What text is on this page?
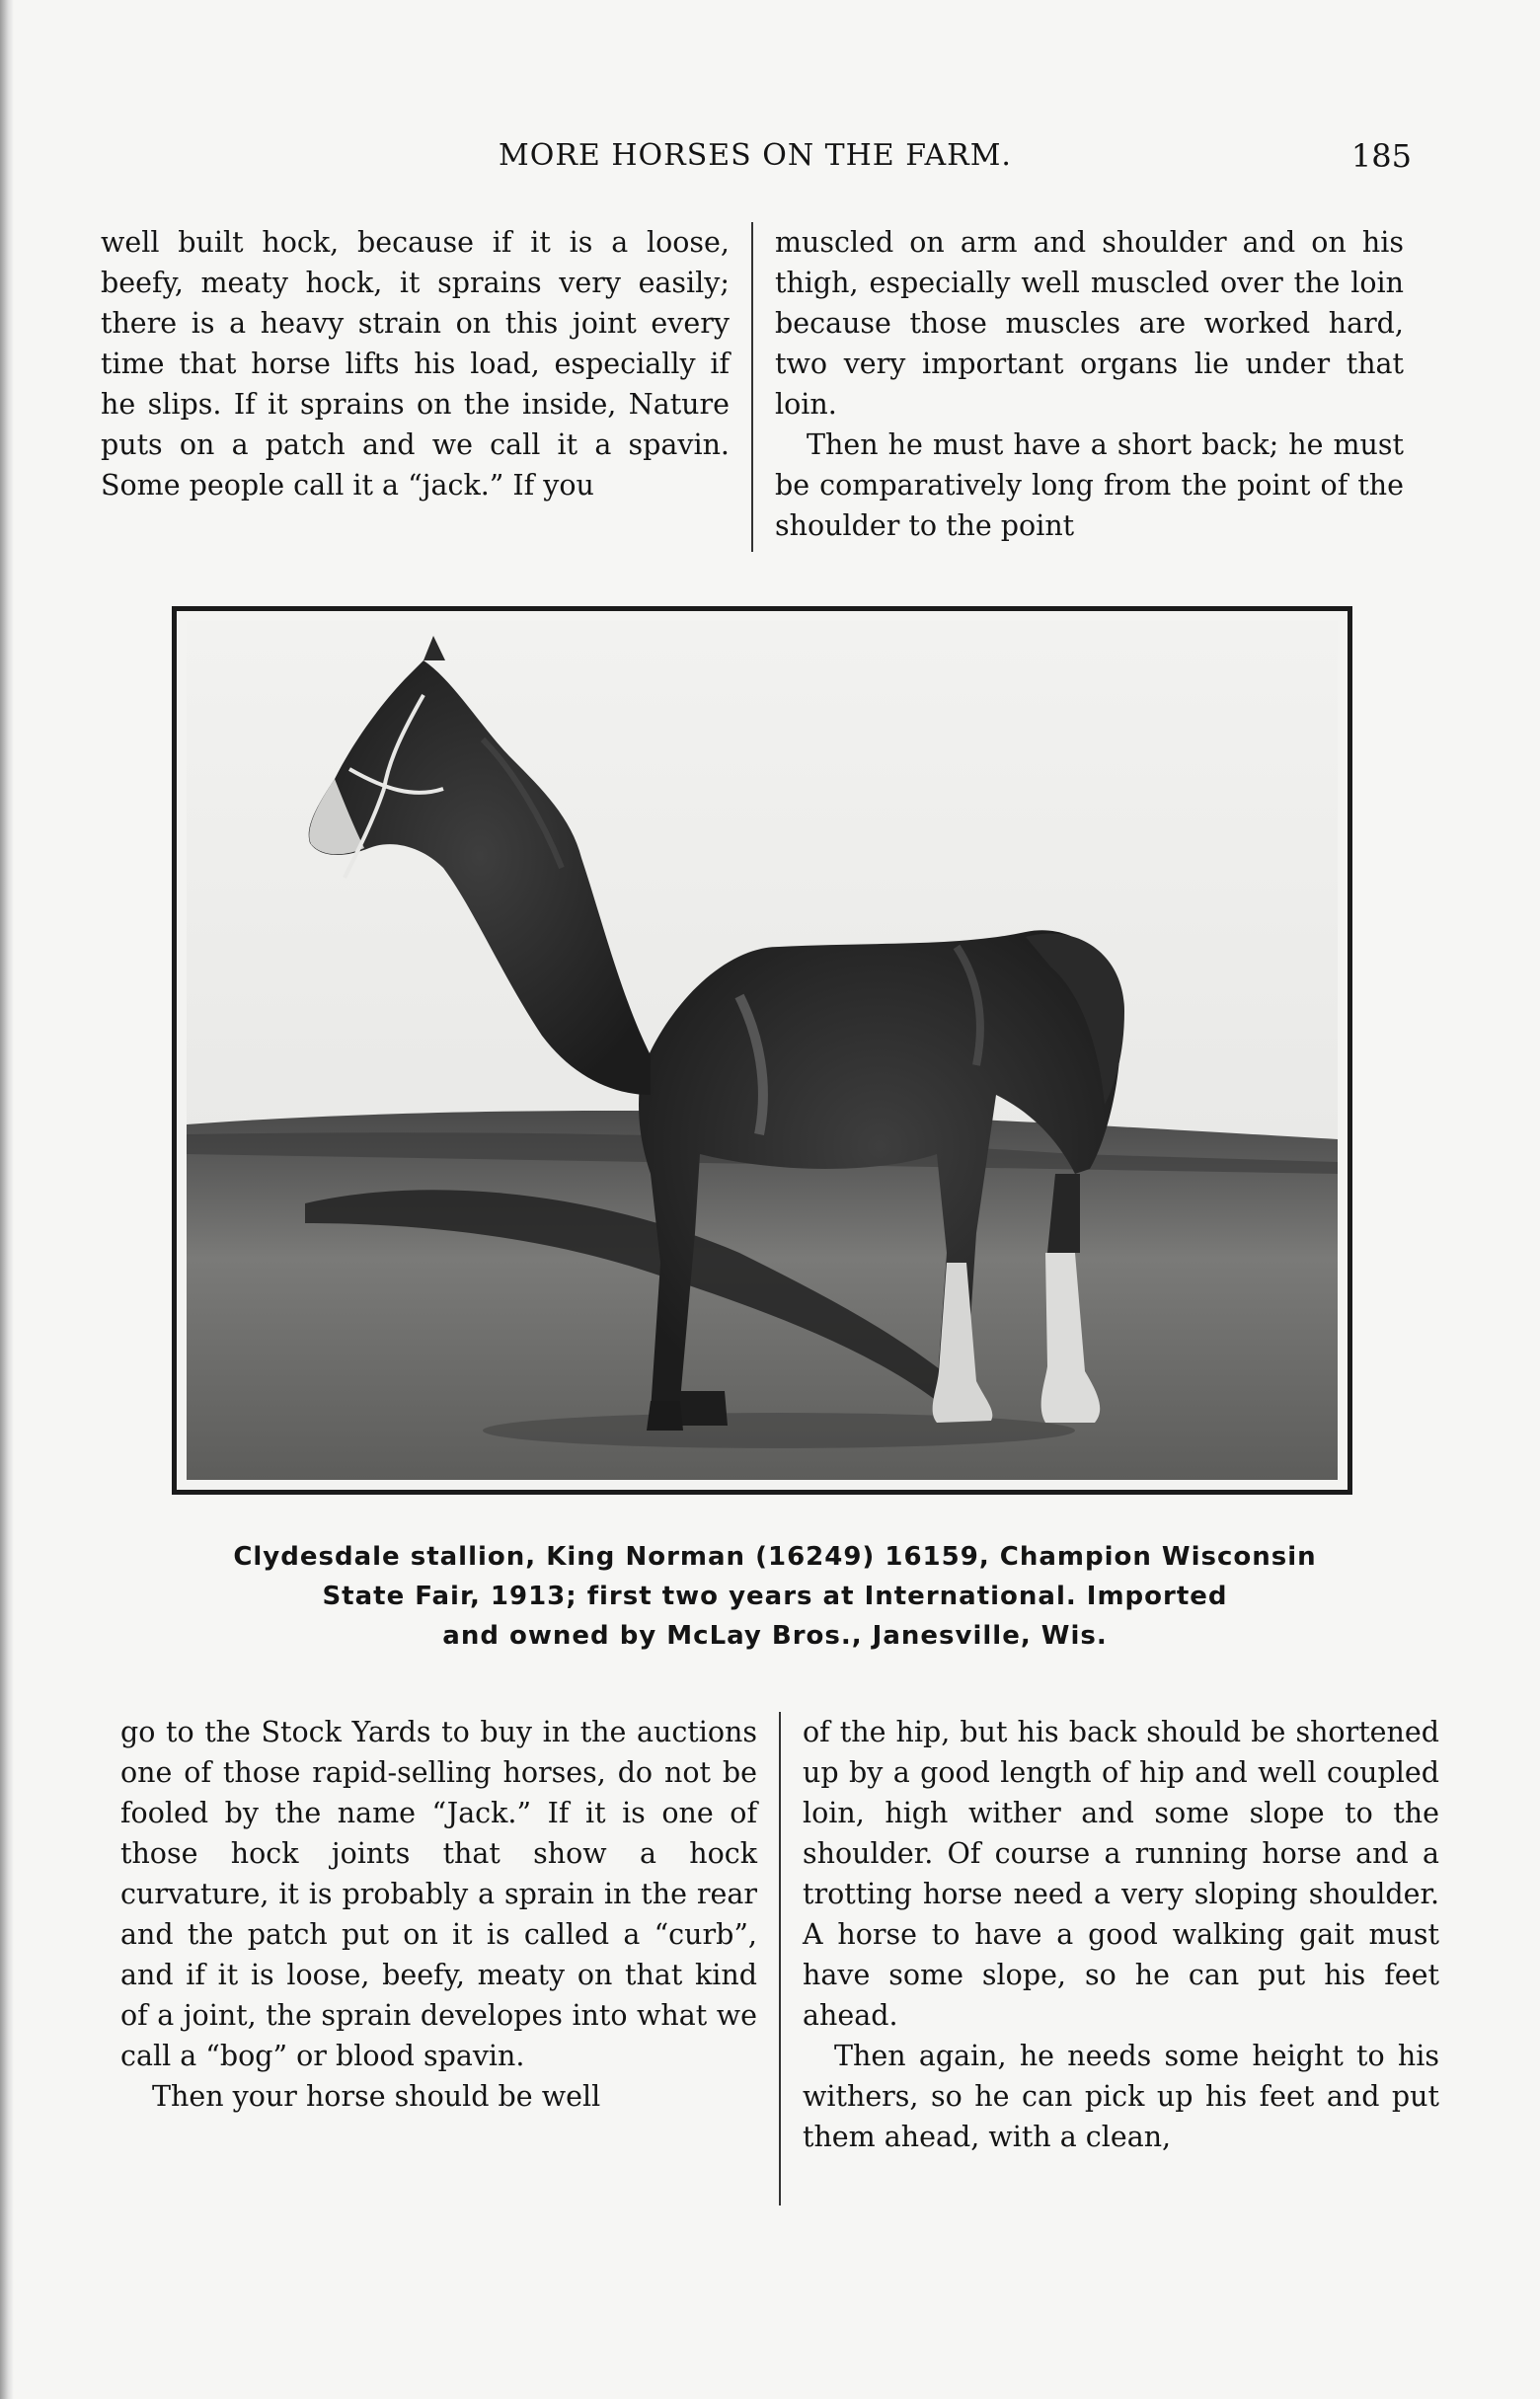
MORE HORSES ON THE FARM.	185

well built hock, because if it is a loose, beefy, meaty hock, it sprains very easily; there is a heavy strain on this joint every time that horse lifts his load, especially if he slips. If it sprains on the inside, Nature puts on a patch and we call it a spavin. Some people call it a “jack.” If you

muscled on arm and shoulder and on his thigh, especially well muscled over the loin because those muscles are worked hard, two very important organs lie under that loin.

Then he must have a short back; he must be comparatively long from the point of the shoulder to the point

Clydesdale stallion, King Norman (16249) 16159, Champion Wisconsin
State Fair, 1913; first two years at International. Imported
and owned by McLay Bros., Janesville, Wis.

go to the Stock Yards to buy in the auctions one of those rapid-selling horses, do not be fooled by the name “Jack.” If it is one of those hock joints that show a hock curvature, it is probably a sprain in the rear and the patch put on it is called a “curb”, and if it is loose, beefy, meaty on that kind of a joint, the sprain developes into what we call a “bog” or blood spavin.

Then your horse should be well

of the hip, but his back should be shortened up by a good length of hip and well coupled loin, high wither and some slope to the shoulder. Of course a running horse and a trotting horse need a very sloping shoulder. A horse to have a good walking gait must have some slope, so he can put his feet ahead.

Then again, he needs some height to his withers, so he can pick up his feet and put them ahead, with a clean,
